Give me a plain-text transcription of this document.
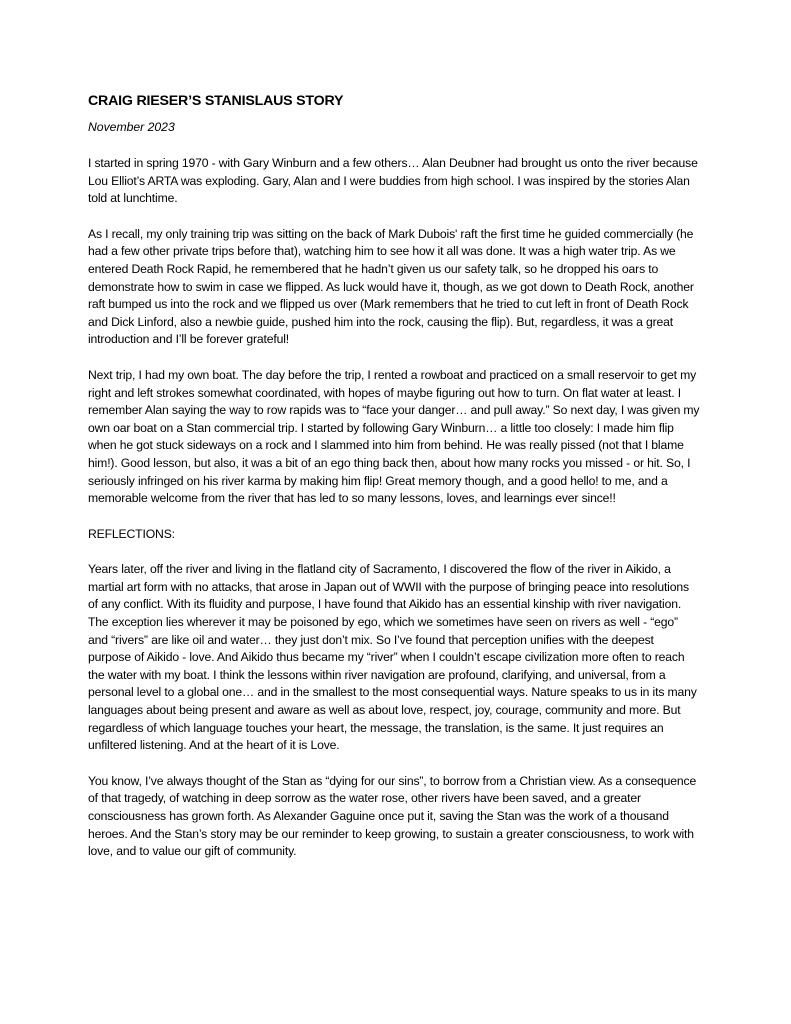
CRAIG RIESER’S STANISLAUS STORY

November 2023

I started in spring 1970 - with Gary Winburn and a few others… Alan Deubner had brought us onto the river because Lou Elliot’s ARTA was exploding. Gary, Alan and I were buddies from high school. I was inspired by the stories Alan told at lunchtime.

As I recall, my only training trip was sitting on the back of Mark Dubois' raft the first time he guided commercially (he had a few other private trips before that), watching him to see how it all was done. It was a high water trip. As we entered Death Rock Rapid, he remembered that he hadn’t given us our safety talk, so he dropped his oars to demonstrate how to swim in case we flipped. As luck would have it, though, as we got down to Death Rock, another raft bumped us into the rock and we flipped us over (Mark remembers that he tried to cut left in front of Death Rock and Dick Linford, also a newbie guide, pushed him into the rock, causing the flip). But, regardless, it was a great introduction and I’ll be forever grateful!

Next trip, I had my own boat. The day before the trip, I rented a rowboat and practiced on a small reservoir to get my right and left strokes somewhat coordinated, with hopes of maybe figuring out how to turn. On flat water at least. I remember Alan saying the way to row rapids was to “face your danger… and pull away.” So next day, I was given my own oar boat on a Stan commercial trip. I started by following Gary Winburn… a little too closely: I made him flip when he got stuck sideways on a rock and I slammed into him from behind. He was really pissed (not that I blame him!). Good lesson, but also, it was a bit of an ego thing back then, about how many rocks you missed - or hit. So, I seriously infringed on his river karma by making him flip! Great memory though, and a good hello! to me, and a memorable welcome from the river that has led to so many lessons, loves, and learnings ever since!!

REFLECTIONS:

Years later, off the river and living in the flatland city of Sacramento, I discovered the flow of the river in Aikido, a martial art form with no attacks, that arose in Japan out of WWII with the purpose of bringing peace into resolutions of any conflict. With its fluidity and purpose, I have found that Aikido has an essential kinship with river navigation. The exception lies wherever it may be poisoned by ego, which we sometimes have seen on rivers as well - “ego” and “rivers” are like oil and water… they just don’t mix. So I’ve found that perception unifies with the deepest purpose of Aikido - love. And Aikido thus became my “river” when I couldn’t escape civilization more often to reach the water with my boat. I think the lessons within river navigation are profound, clarifying, and universal, from a personal level to a global one… and in the smallest to the most consequential ways. Nature speaks to us in its many languages about being present and aware as well as about love, respect, joy, courage, community and more. But regardless of which language touches your heart, the message, the translation, is the same. It just requires an unfiltered listening. And at the heart of it is Love.

You know, I’ve always thought of the Stan as “dying for our sins”, to borrow from a Christian view. As a consequence of that tragedy, of watching in deep sorrow as the water rose, other rivers have been saved, and a greater consciousness has grown forth. As Alexander Gaguine once put it, saving the Stan was the work of a thousand heroes. And the Stan’s story may be our reminder to keep growing, to sustain a greater consciousness, to work with love, and to value our gift of community.
